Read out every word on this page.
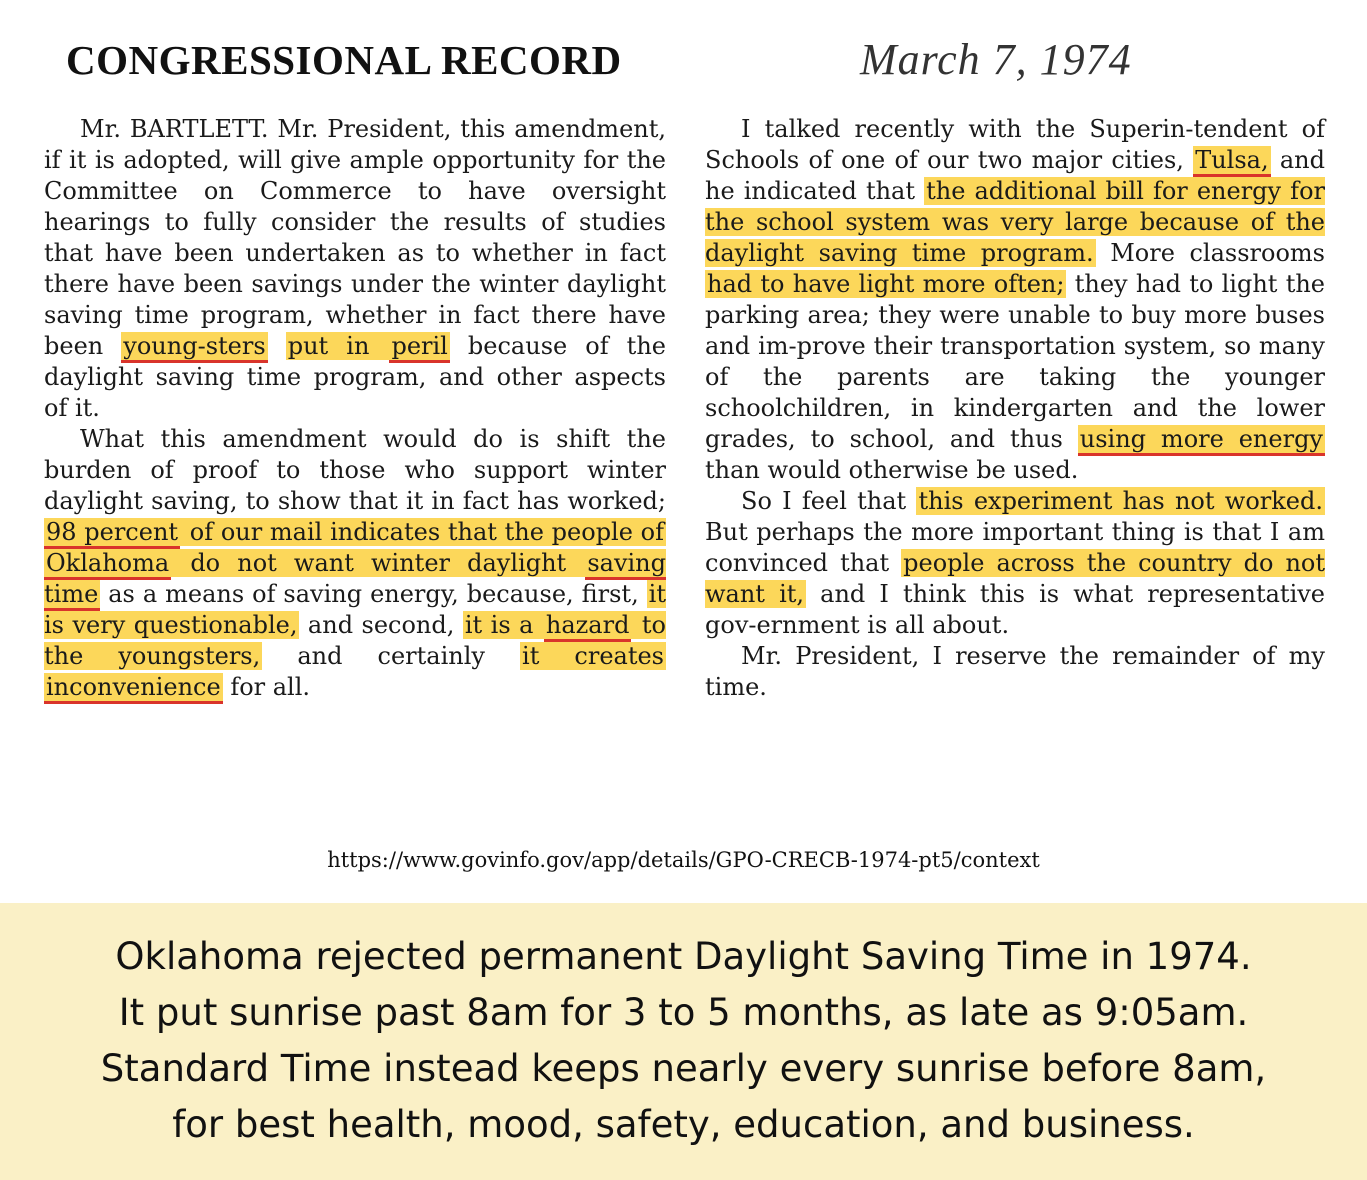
CONGRESSIONAL RECORD	March 7, 1974

Mr. BARTLETT. Mr. President, this amendment, if it is adopted, will give ample opportunity for the Committee on Commerce to have oversight hearings to fully consider the results of studies that have been undertaken as to whether in fact there have been savings under the winter daylight saving time program, whether in fact there have been young-sters put in peril because of the daylight saving time program, and other aspects of it.

What this amendment would do is shift the burden of proof to those who support winter daylight saving, to show that it in fact has worked; 98 percent of our mail indicates that the people of Oklahoma do not want winter daylight saving time as a means of saving energy, because, first, it is very questionable, and second, it is a hazard to the youngsters, and certainly it creates inconvenience for all.

I talked recently with the Superin-tendent of Schools of one of our two major cities, Tulsa, and he indicated that the additional bill for energy for the school system was very large because of the daylight saving time program. More classrooms had to have light more often; they had to light the parking area; they were unable to buy more buses and im-prove their transportation system, so many of the parents are taking the younger schoolchildren, in kindergarten and the lower grades, to school, and thus using more energy than would otherwise be used.

So I feel that this experiment has not worked. But perhaps the more important thing is that I am convinced that people across the country do not want it, and I think this is what representative gov-ernment is all about.

Mr. President, I reserve the remainder of my time.

https://www.govinfo.gov/app/details/GPO-CRECB-1974-pt5/context
Oklahoma rejected permanent Daylight Saving Time in 1974.
It put sunrise past 8am for 3 to 5 months, as late as 9:05am.
Standard Time instead keeps nearly every sunrise before 8am,
for best health, mood, safety, education, and business.
